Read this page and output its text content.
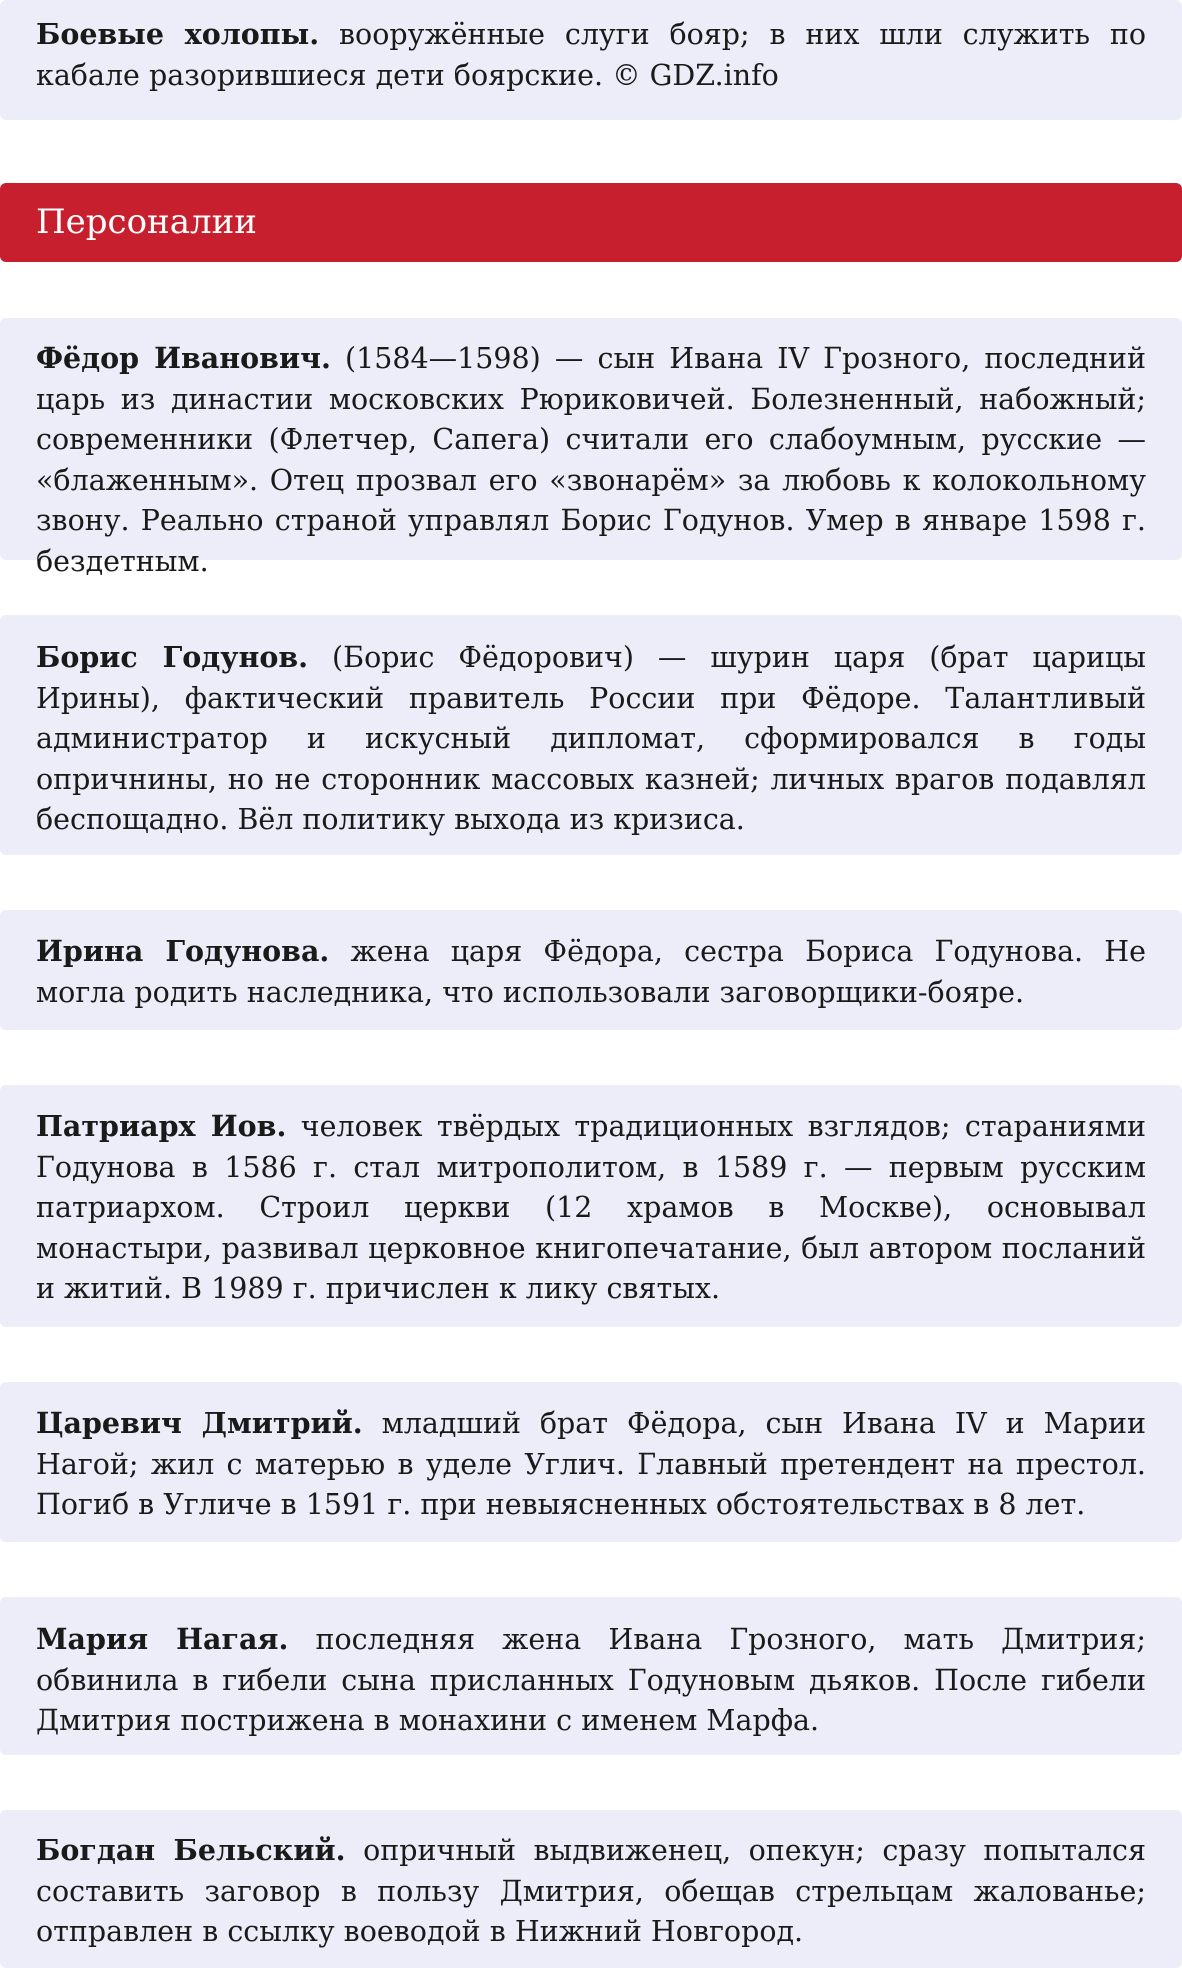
Боевые холопы. вооружённые слуги бояр; в них шли служить по кабале разорившиеся дети боярские. © GDZ.info
Персоналии
Фёдор Иванович. (1584—1598) — сын Ивана IV Грозного, последний царь из династии московских Рюриковичей. Болезненный, набожный; современники (Флетчер, Сапега) считали его слабоумным, русские — «блаженным». Отец прозвал его «звонарём» за любовь к колокольному звону. Реально страной управлял Борис Годунов. Умер в январе 1598 г. бездетным.
Борис Годунов. (Борис Фёдорович) — шурин царя (брат царицы Ирины), фактический правитель России при Фёдоре. Талантливый администратор и искусный дипломат, сформировался в годы опричнины, но не сторонник массовых казней; личных врагов подавлял беспощадно. Вёл политику выхода из кризиса.
Ирина Годунова. жена царя Фёдора, сестра Бориса Годунова. Не могла родить наследника, что использовали заговорщики-бояре.
Патриарх Иов. человек твёрдых традиционных взглядов; стараниями Годунова в 1586 г. стал митрополитом, в 1589 г. — первым русским патриархом. Строил церкви (12 храмов в Москве), основывал монастыри, развивал церковное книгопечатание, был автором посланий и житий. В 1989 г. причислен к лику святых.
Царевич Дмитрий. младший брат Фёдора, сын Ивана IV и Марии Нагой; жил с матерью в уделе Углич. Главный претендент на престол. Погиб в Угличе в 1591 г. при невыясненных обстоятельствах в 8 лет.
Мария Нагая. последняя жена Ивана Грозного, мать Дмитрия; обвинила в гибели сына присланных Годуновым дьяков. После гибели Дмитрия пострижена в монахини с именем Марфа.
Богдан Бельский. опричный выдвиженец, опекун; сразу попытался составить заговор в пользу Дмитрия, обещав стрельцам жалованье; отправлен в ссылку воеводой в Нижний Новгород.
